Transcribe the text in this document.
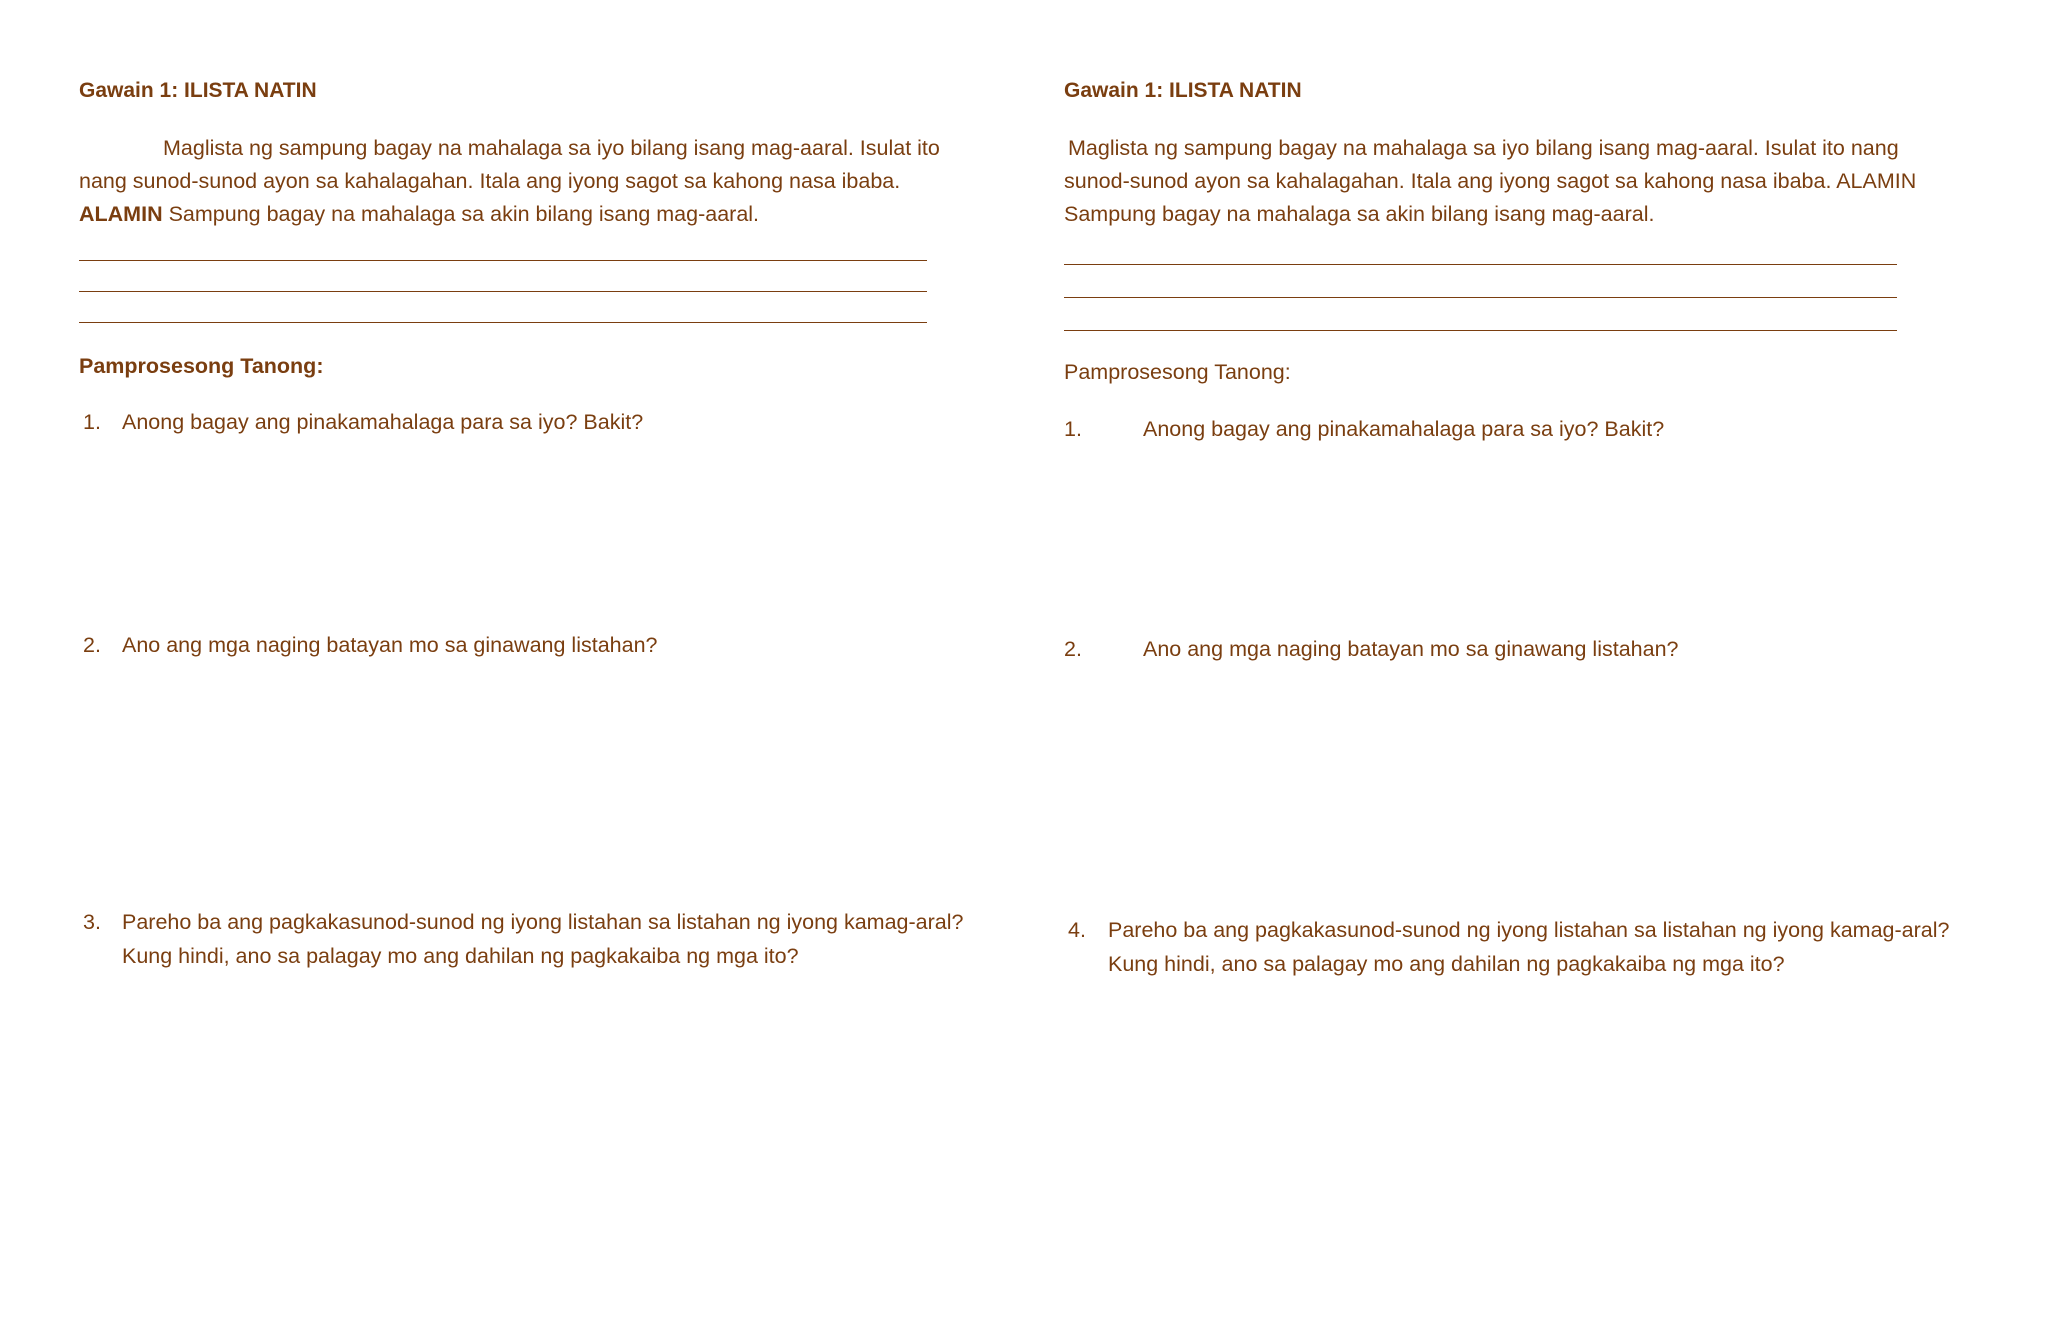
Gawain 1: ILISTA NATIN
Maglista ng sampung bagay na mahalaga sa iyo bilang isang mag-aaral. Isulat ito
nang sunod-sunod ayon sa kahalagahan. Itala ang iyong sagot sa kahong nasa ibaba.
ALAMIN Sampung bagay na mahalaga sa akin bilang isang mag-aaral.
Pamprosesong Tanong:
1. Anong bagay ang pinakamahalaga para sa iyo? Bakit?
2. Ano ang mga naging batayan mo sa ginawang listahan?
3. Pareho ba ang pagkakasunod-sunod ng iyong listahan sa listahan ng iyong kamag-aral?
Kung hindi, ano sa palagay mo ang dahilan ng pagkakaiba ng mga ito?
Gawain 1: ILISTA NATIN
Maglista ng sampung bagay na mahalaga sa iyo bilang isang mag-aaral. Isulat ito nang
sunod-sunod ayon sa kahalagahan. Itala ang iyong sagot sa kahong nasa ibaba. ALAMIN
Sampung bagay na mahalaga sa akin bilang isang mag-aaral.
Pamprosesong Tanong:
1.	Anong bagay ang pinakamahalaga para sa iyo? Bakit?
2.	Ano ang mga naging batayan mo sa ginawang listahan?
4. Pareho ba ang pagkakasunod-sunod ng iyong listahan sa listahan ng iyong kamag-aral?
Kung hindi, ano sa palagay mo ang dahilan ng pagkakaiba ng mga ito?
